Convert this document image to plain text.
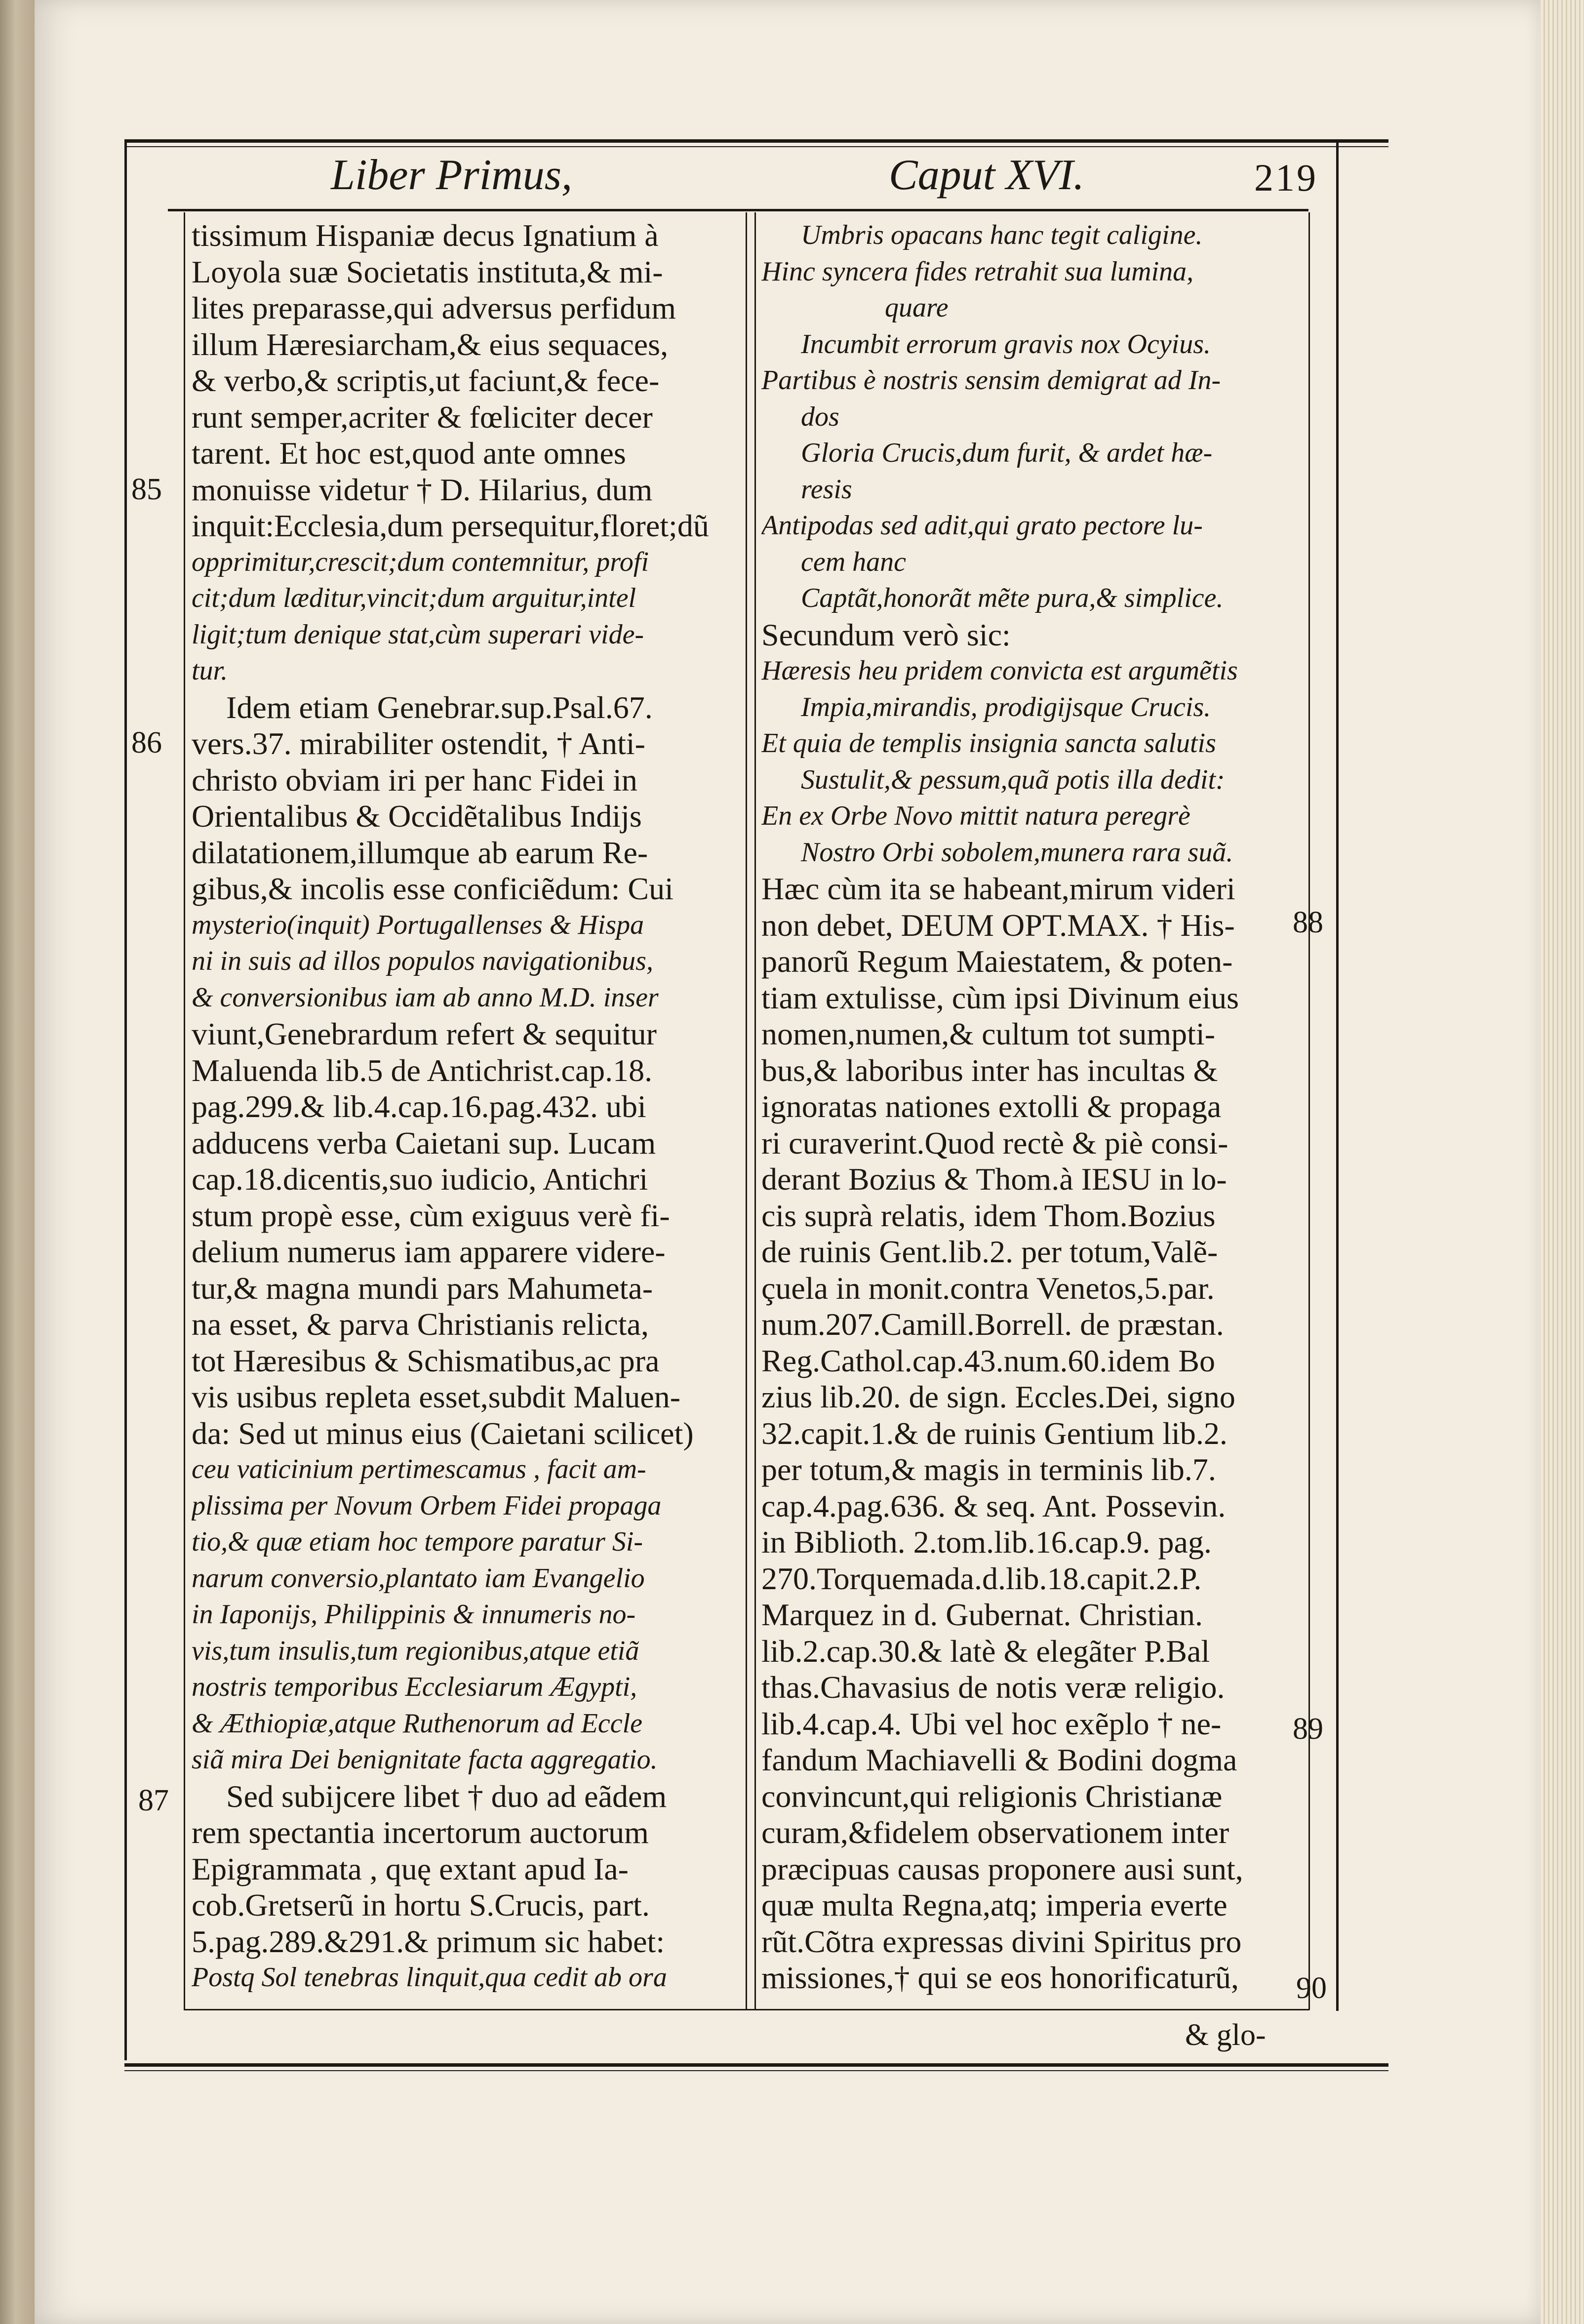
Liber Primus,	Caput XVI.	219
tissimum Hispaniæ decus Ignatium à
Loyola suæ Societatis instituta,& mi-
lites preparasse,qui adversus perfidum
illum Hæresiarcham,& eius sequaces,
& verbo,& scriptis,ut faciunt,& fece-
runt semper,acriter & fœliciter decer
tarent. Et hoc est,quod ante omnes
monuisse videtur † D. Hilarius, dum
inquit:Ecclesia,dum persequitur,floret;dũ
opprimitur,crescit;dum contemnitur, profi
cit;dum læditur,vincit;dum arguitur,intel
ligit;tum denique stat,cùm superari vide-
tur.
Idem etiam Genebrar.sup.Psal.67.
vers.37. mirabiliter ostendit, † Anti-
christo obviam iri per hanc Fidei in
Orientalibus & Occidẽtalibus Indijs
dilatationem,illumque ab earum Re-
gibus,& incolis esse conficiẽdum: Cui
mysterio(inquit) Portugallenses & Hispa
ni in suis ad illos populos navigationibus,
& conversionibus iam ab anno M.D. inser
viunt,Genebrardum refert & sequitur
Maluenda lib.5 de Antichrist.cap.18.
pag.299.& lib.4.cap.16.pag.432. ubi
adducens verba Caietani sup. Lucam
cap.18.dicentis,suo iudicio, Antichri
stum propè esse, cùm exiguus verè fi-
delium numerus iam apparere videre-
tur,& magna mundi pars Mahumeta-
na esset, & parva Christianis relicta,
tot Hæresibus & Schismatibus,ac pra
vis usibus repleta esset,subdit Maluen-
da: Sed ut minus eius (Caietani scilicet)
ceu vaticinium pertimescamus , facit am-
plissima per Novum Orbem Fidei propaga
tio,& quæ etiam hoc tempore paratur Si-
narum conversio,plantato iam Evangelio
in Iaponijs, Philippinis & innumeris no-
vis,tum insulis,tum regionibus,atque etiã
nostris temporibus Ecclesiarum Ægypti,
& Æthiopiæ,atque Ruthenorum ad Eccle
siã mira Dei benignitate facta aggregatio.
Sed subijcere libet † duo ad eãdem
rem spectantia incertorum auctorum
Epigrammata , quę extant apud Ia-
cob.Gretserũ in hortu S.Crucis, part.
5.pag.289.&291.& primum sic habet:
Postq Sol tenebras linquit,qua cedit ab ora
Umbris opacans hanc tegit caligine.
Hinc syncera fides retrahit sua lumina,
quare
Incumbit errorum gravis nox Ocyius.
Partibus è nostris sensim demigrat ad In-
dos
Gloria Crucis,dum furit, & ardet hæ-
resis
Antipodas sed adit,qui grato pectore lu-
cem hanc
Captãt,honorãt mẽte pura,& simplice.
Secundum verò sic:
Hæresis heu pridem convicta est argumẽtis
Impia,mirandis, prodigijsque Crucis.
Et quia de templis insignia sancta salutis
Sustulit,& pessum,quã potis illa dedit:
En ex Orbe Novo mittit natura peregrè
Nostro Orbi sobolem,munera rara suã.
Hæc cùm ita se habeant,mirum videri
non debet, DEUM OPT.MAX. † His-
panorũ Regum Maiestatem, & poten-
tiam extulisse, cùm ipsi Divinum eius
nomen,numen,& cultum tot sumpti-
bus,& laboribus inter has incultas &
ignoratas nationes extolli & propaga
ri curaverint.Quod rectè & piè consi-
derant Bozius & Thom.à IESU in lo-
cis suprà relatis, idem Thom.Bozius
de ruinis Gent.lib.2. per totum,Valẽ-
çuela in monit.contra Venetos,5.par.
num.207.Camill.Borrell. de præstan.
Reg.Cathol.cap.43.num.60.idem Bo
zius lib.20. de sign. Eccles.Dei, signo
32.capit.1.& de ruinis Gentium lib.2.
per totum,& magis in terminis lib.7.
cap.4.pag.636. & seq. Ant. Possevin.
in Biblioth. 2.tom.lib.16.cap.9. pag.
270.Torquemada.d.lib.18.capit.2.P.
Marquez in d. Gubernat. Christian.
lib.2.cap.30.& latè & elegãter P.Bal
thas.Chavasius de notis veræ religio.
lib.4.cap.4. Ubi vel hoc exẽplo † ne-
fandum Machiavelli & Bodini dogma
convincunt,qui religionis Christianæ
curam,&fidelem observationem inter
præcipuas causas proponere ausi sunt,
quæ multa Regna,atq; imperia everte
rũt.Cõtra expressas divini Spiritus pro
missiones,† qui se eos honorificaturũ,
85
86
87
88
89
90
& glo-
